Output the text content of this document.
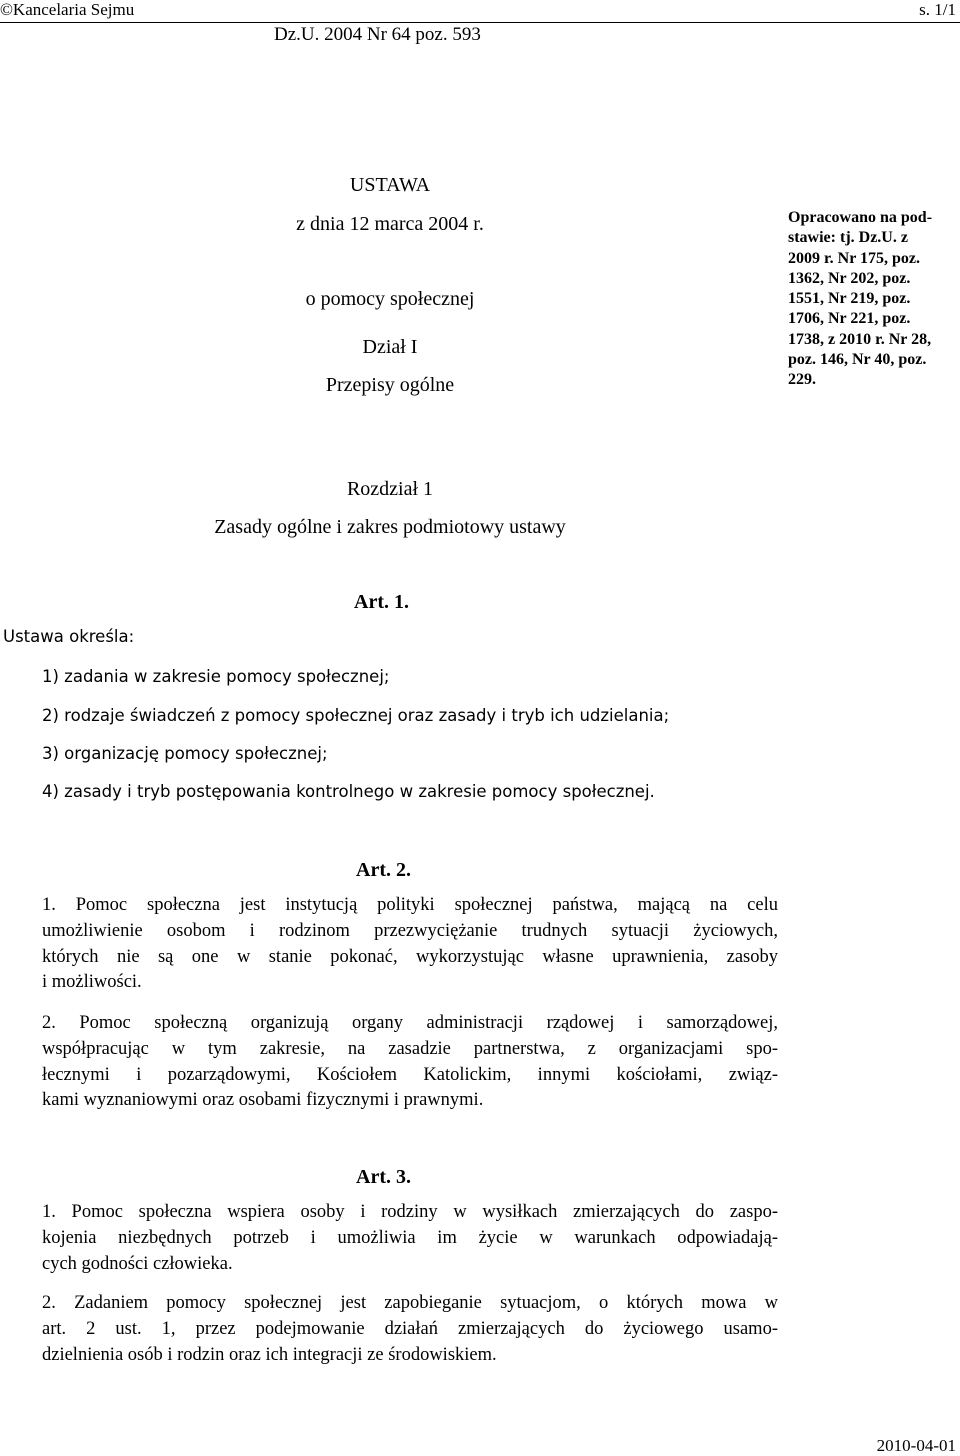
©Kancelaria Sejmu	s. 1/1
Dz.U. 2004 Nr 64 poz. 593
USTAWA
z dnia 12 marca 2004 r.
o pomocy społecznej
Dział I
Przepisy ogólne
Opracowano na pod-
stawie: tj. Dz.U. z
2009 r. Nr 175, poz.
1362, Nr 202, poz.
1551, Nr 219, poz.
1706, Nr 221, poz.
1738, z 2010 r. Nr 28,
poz. 146, Nr 40, poz.
229.
Rozdział 1
Zasady ogólne i zakres podmiotowy ustawy
Art. 1.
Ustawa określa:
1) zadania w zakresie pomocy społecznej;
2) rodzaje świadczeń z pomocy społecznej oraz zasady i tryb ich udzielania;
3) organizację pomocy społecznej;
4) zasady i tryb postępowania kontrolnego w zakresie pomocy społecznej.
Art. 2.
1. Pomoc społeczna jest instytucją polityki społecznej państwa, mającą na celu
umożliwienie osobom i rodzinom przezwyciężanie trudnych sytuacji życiowych,
których nie są one w stanie pokonać, wykorzystując własne uprawnienia, zasoby
i możliwości.
2. Pomoc społeczną organizują organy administracji rządowej i samorządowej,
współpracując w tym zakresie, na zasadzie partnerstwa, z organizacjami spo-
łecznymi i pozarządowymi, Kościołem Katolickim, innymi kościołami, związ-
kami wyznaniowymi oraz osobami fizycznymi i prawnymi.
Art. 3.
1. Pomoc społeczna wspiera osoby i rodziny w wysiłkach zmierzających do zaspo-
kojenia niezbędnych potrzeb i umożliwia im życie w warunkach odpowiadają-
cych godności człowieka.
2. Zadaniem pomocy społecznej jest zapobieganie sytuacjom, o których mowa w
art. 2 ust. 1, przez podejmowanie działań zmierzających do życiowego usamo-
dzielnienia osób i rodzin oraz ich integracji ze środowiskiem.
2010-04-01
